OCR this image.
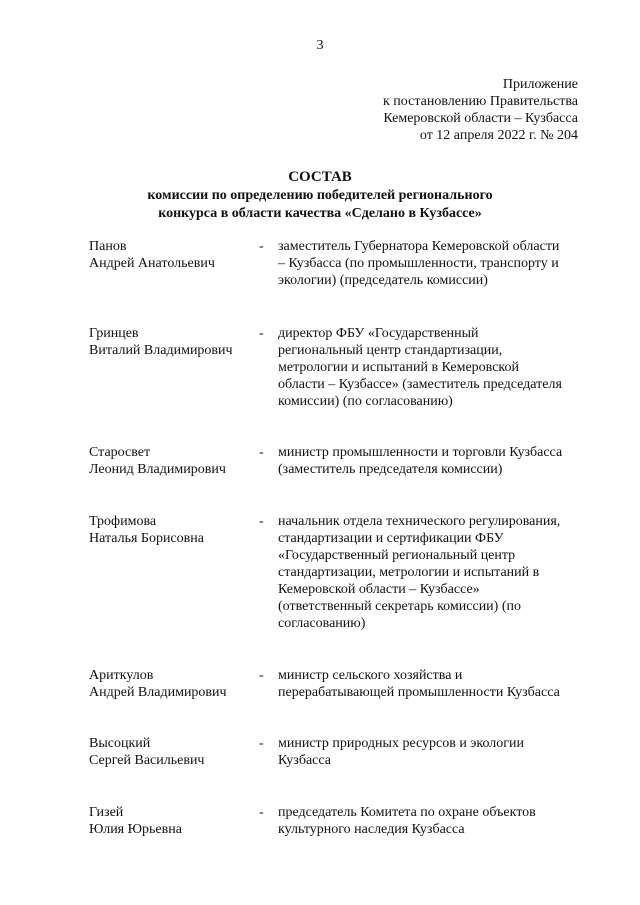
3
Приложение
к постановлению Правительства
Кемеровской области – Кузбасса
от 12 апреля 2022 г. № 204
СОСТАВ
комиссии по определению победителей регионального
конкурса в области качества «Сделано в Кузбассе»
Панов
Андрей Анатольевич
-	заместитель Губернатора Кемеровской области – Кузбасса (по промышленности, транспорту и экологии) (председатель комиссии)
Гринцев
Виталий Владимирович
-	директор ФБУ «Государственный региональный центр стандартизации, метрологии и испытаний в Кемеровской области – Кузбассе» (заместитель председателя комиссии) (по согласованию)
Старосвет
Леонид Владимирович
-	министр промышленности и торговли Кузбасса (заместитель председателя комиссии)
Трофимова
Наталья Борисовна
-	начальник отдела технического регулирования, стандартизации и сертификации ФБУ «Государственный региональный центр стандартизации, метрологии и испытаний в Кемеровской области – Кузбассе» (ответственный секретарь комиссии) (по согласованию)
Ариткулов
Андрей Владимирович
-	министр сельского хозяйства и перерабатывающей промышленности Кузбасса
Высоцкий
Сергей Васильевич
-	министр природных ресурсов и экологии Кузбасса
Гизей
Юлия Юрьевна
-	председатель Комитета по охране объектов культурного наследия Кузбасса
